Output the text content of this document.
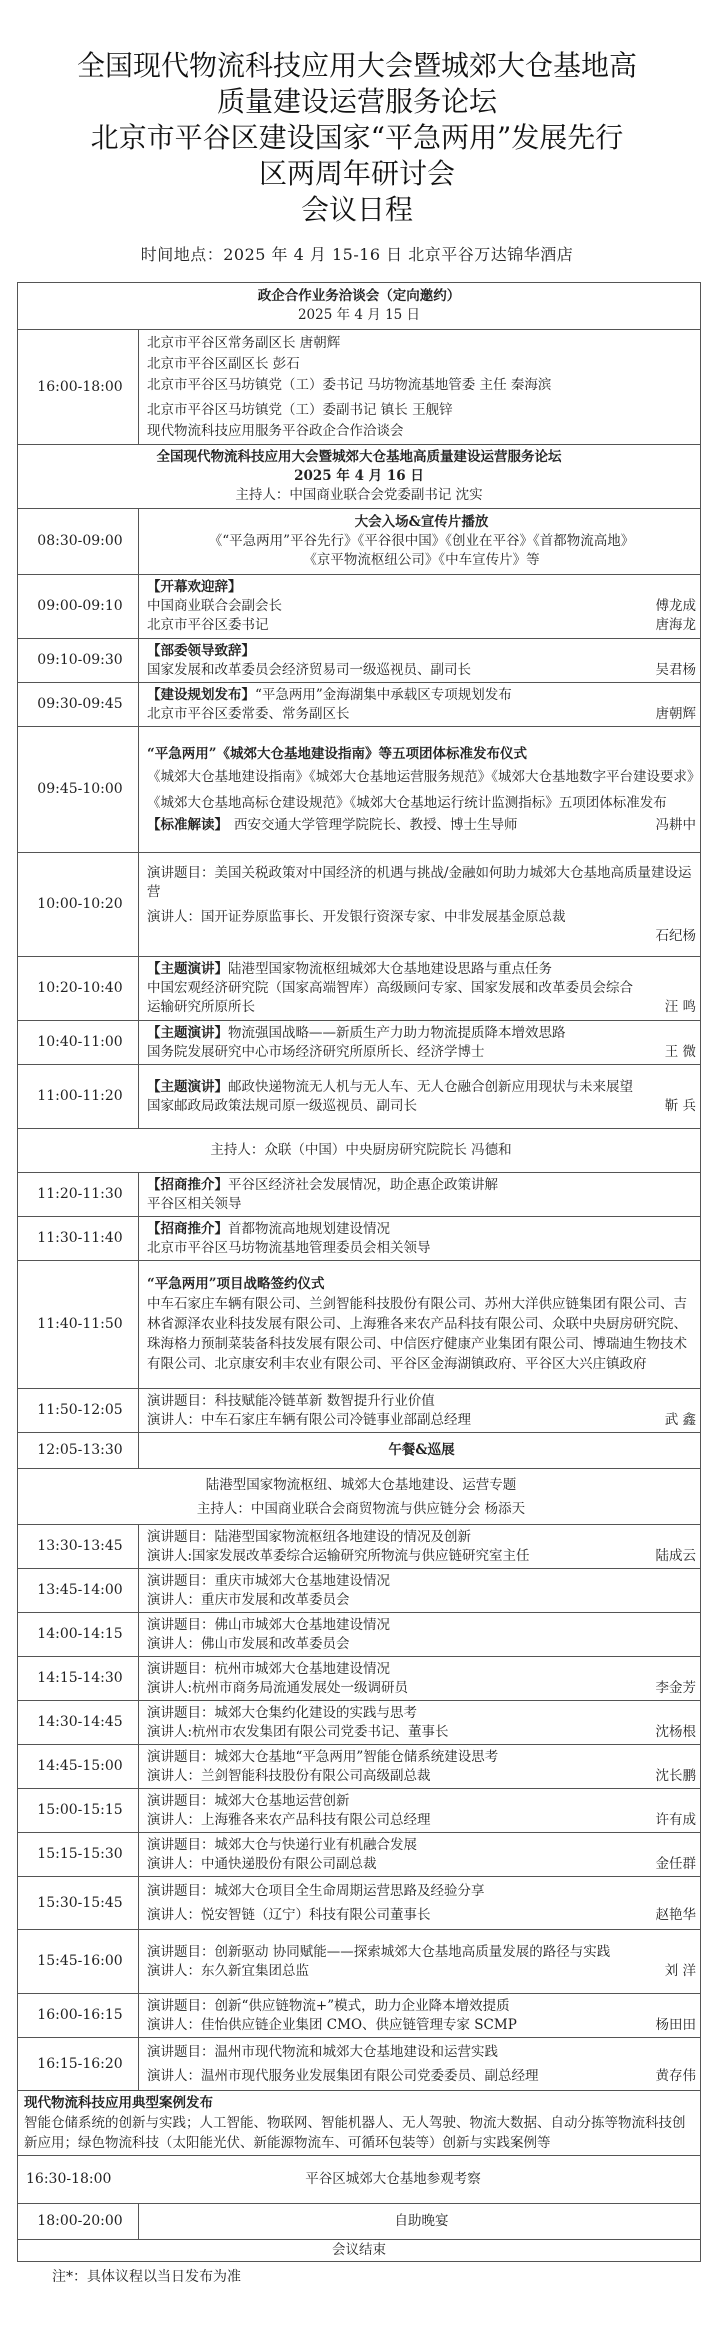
全国现代物流科技应用大会暨城郊大仓基地高
质量建设运营服务论坛
北京市平谷区建设国家“平急两用”发展先行
区两周年研讨会
会议日程
时间地点：2025 年 4 月 15-16 日 北京平谷万达锦华酒店
政企合作业务洽谈会（定向邀约）
2025 年 4 月 15 日	

16:00-18:00	北京市平谷区常务副区长 唐朝辉
北京市平谷区副区长 彭石
北京市平谷区马坊镇党（工）委书记 马坊物流基地管委 主任 秦海滨
北京市平谷区马坊镇党（工）委副书记 镇长 王舰锌
现代物流科技应用服务平谷政企合作洽谈会

全国现代物流科技应用大会暨城郊大仓基地高质量建设运营服务论坛
2025 年 4 月 16 日
主持人：中国商业联合会党委副书记 沈实	

08:30-09:00	大会入场&宣传片播放
《“平急两用”平谷先行》《平谷很中国》《创业在平谷》《首都物流高地》
《京平物流枢纽公司》《中车宣传片》等

09:00-09:10	【开幕欢迎辞】
中国商业联合会副会长 傅龙成
北京市平谷区委书记 唐海龙

09:10-09:30	【部委领导致辞】
国家发展和改革委员会经济贸易司一级巡视员、副司长 吴君杨

09:30-09:45	【建设规划发布】“平急两用”金海湖集中承载区专项规划发布
北京市平谷区委常委、常务副区长 唐朝辉

09:45-10:00	“平急两用”《城郊大仓基地建设指南》等五项团体标准发布仪式
《城郊大仓基地建设指南》《城郊大仓基地运营服务规范》《城郊大仓基地数字平台建设要求》《城郊大仓基地高标仓建设规范》《城郊大仓基地运行统计监测指标》五项团体标准发布
【标准解读】 西安交通大学管理学院院长、教授、博士生导师 冯耕中

10:00-10:20	演讲题目：美国关税政策对中国经济的机遇与挑战/金融如何助力城郊大仓基地高质量建设运营
演讲人：国开证券原监事长、开发银行资深专家、中非发展基金原总裁
石纪杨

10:20-10:40	【主题演讲】陆港型国家物流枢纽城郊大仓基地建设思路与重点任务
中国宏观经济研究院（国家高端智库）高级顾问专家、国家发展和改革委员会综合运输研究所原所长 汪 鸣

10:40-11:00	【主题演讲】物流强国战略——新质生产力助力物流提质降本增效思路
国务院发展研究中心市场经济研究所原所长、经济学博士 王 微

11:00-11:20	【主题演讲】邮政快递物流无人机与无人车、无人仓融合创新应用现状与未来展望
国家邮政局政策法规司原一级巡视员、副司长 靳 兵

主持人：众联（中国）中央厨房研究院院长 冯德和	
11:20-11:30	【招商推介】平谷区经济社会发展情况，助企惠企政策讲解
平谷区相关领导

11:30-11:40	【招商推介】首都物流高地规划建设情况
北京市平谷区马坊物流基地管理委员会相关领导

11:40-11:50	“平急两用”项目战略签约仪式
中车石家庄车辆有限公司、兰剑智能科技股份有限公司、苏州大洋供应链集团有限公司、吉林省源泽农业科技发展有限公司、上海雅各来农产品科技有限公司、众联中央厨房研究院、珠海格力预制菜装备科技发展有限公司、中信医疗健康产业集团有限公司、博瑞迪生物技术有限公司、北京康安利丰农业有限公司、平谷区金海湖镇政府、平谷区大兴庄镇政府

11:50-12:05	演讲题目：科技赋能冷链革新 数智提升行业价值
演讲人：中车石家庄车辆有限公司冷链事业部副总经理 武 鑫

12:05-13:30	午餐&巡展

陆港型国家物流枢纽、城郊大仓基地建设、运营专题
主持人：中国商业联合会商贸物流与供应链分会 杨添天	

13:30-13:45	演讲题目：陆港型国家物流枢纽各地建设的情况及创新
演讲人:国家发展改革委综合运输研究所物流与供应链研究室主任 陆成云

13:45-14:00	演讲题目：重庆市城郊大仓基地建设情况
演讲人：重庆市发展和改革委员会

14:00-14:15	演讲题目：佛山市城郊大仓基地建设情况
演讲人：佛山市发展和改革委员会

14:15-14:30	演讲题目：杭州市城郊大仓基地建设情况
演讲人:杭州市商务局流通发展处一级调研员 李金芳

14:30-14:45	演讲题目：城郊大仓集约化建设的实践与思考
演讲人:杭州市农发集团有限公司党委书记、董事长 沈杨根

14:45-15:00	演讲题目：城郊大仓基地“平急两用”智能仓储系统建设思考
演讲人：兰剑智能科技股份有限公司高级副总裁 沈长鹏

15:00-15:15	演讲题目：城郊大仓基地运营创新
演讲人：上海雅各来农产品科技有限公司总经理 许有成

15:15-15:30	演讲题目：城郊大仓与快递行业有机融合发展
演讲人：中通快递股份有限公司副总裁 金任群

15:30-15:45	演讲题目：城郊大仓项目全生命周期运营思路及经验分享
演讲人：悦安智链（辽宁）科技有限公司董事长 赵艳华

15:45-16:00	演讲题目：创新驱动 协同赋能——探索城郊大仓基地高质量发展的路径与实践
演讲人：东久新宜集团总监 刘 洋

16:00-16:15	演讲题目：创新“供应链物流+”模式，助力企业降本增效提质
演讲人：佳怡供应链企业集团 CMO、供应链管理专家 SCMP 杨田田

16:15-16:20	演讲题目：温州市现代物流和城郊大仓基地建设和运营实践
演讲人：温州市现代服务业发展集团有限公司党委委员、副总经理 黄存伟

现代物流科技应用典型案例发布
智能仓储系统的创新与实践；人工智能、物联网、智能机器人、无人驾驶、物流大数据、自动分拣等物流科技创新应用；绿色物流科技（太阳能光伏、新能源物流车、可循环包装等）创新与实践案例等	

16:30-18:00 平谷区城郊大仓基地参观考察	

18:00-20:00	自助晚宴
会议结束	
注*：具体议程以当日发布为准
